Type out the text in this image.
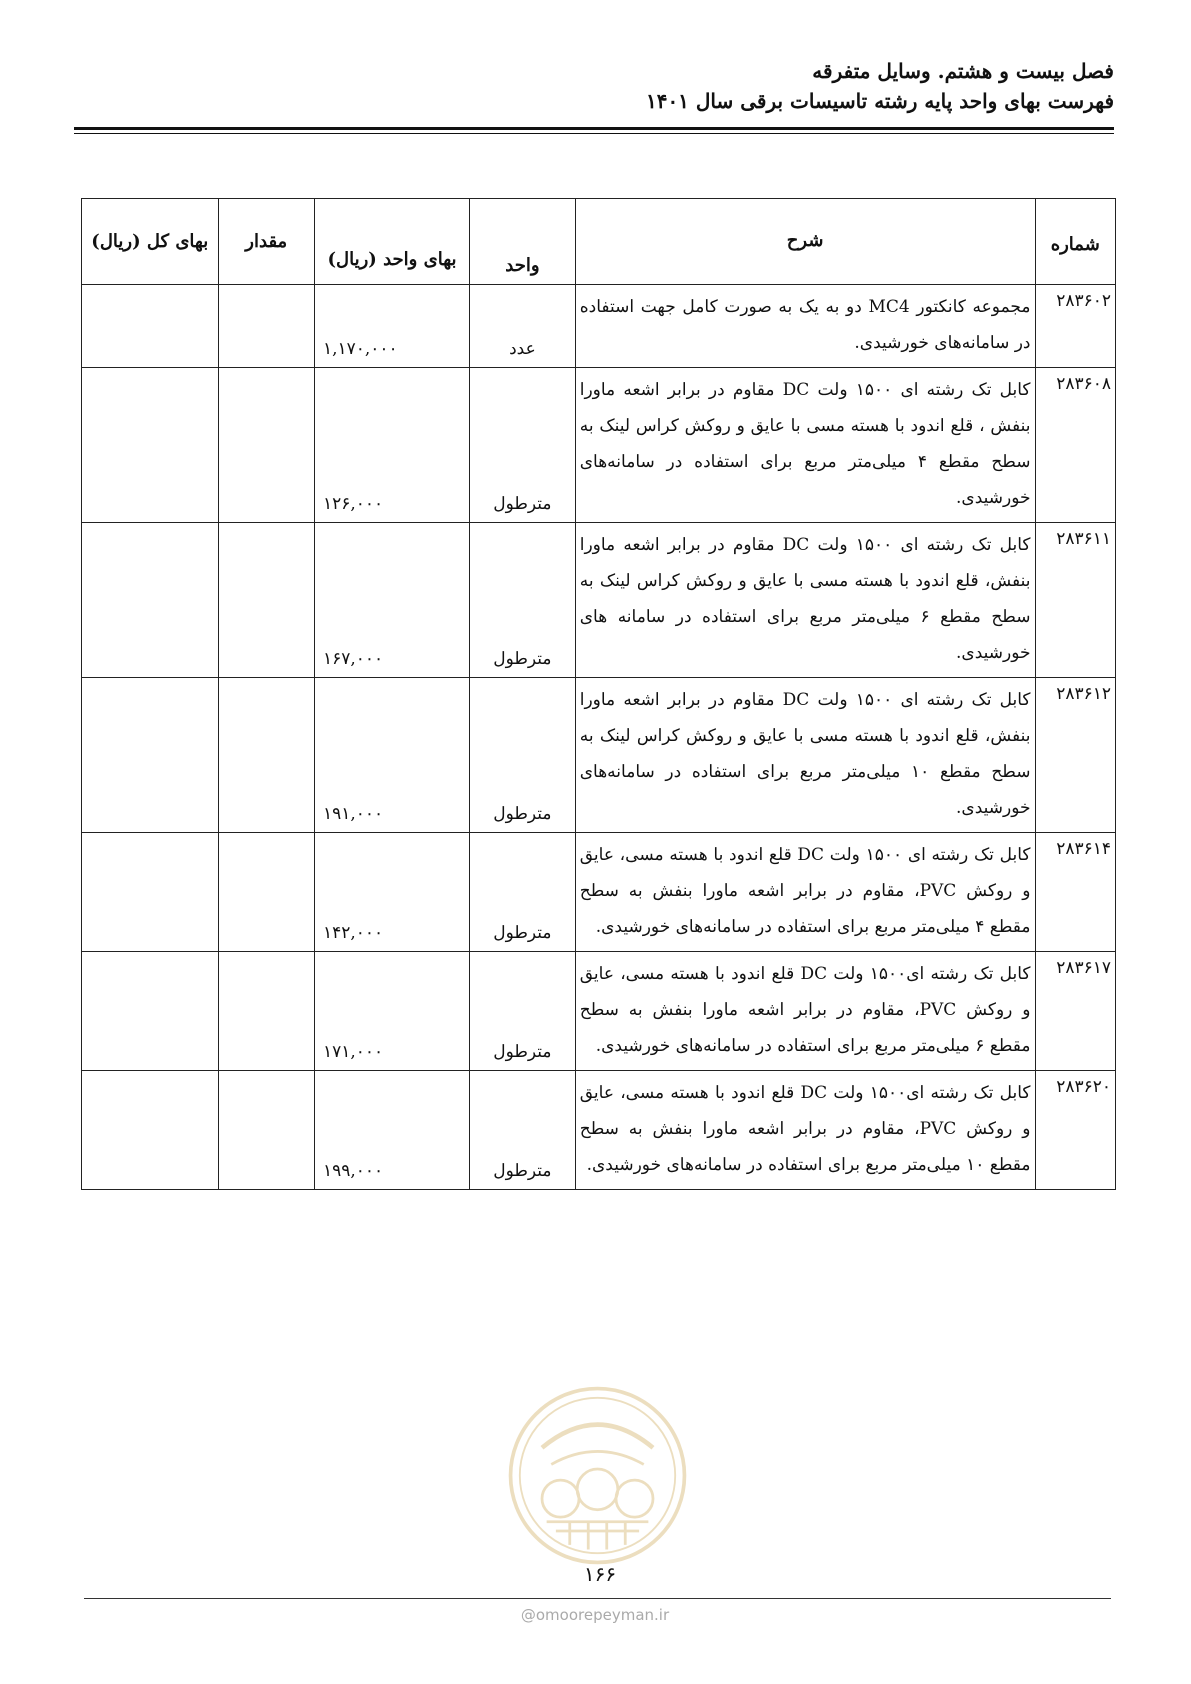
فصل بیست و هشتم. وسایل متفرقه
فهرست بهای واحد پایه رشته تاسیسات برقی سال ۱۴۰۱
شماره	شرح	واحد	بهای واحد (ریال)	مقدار	بهای کل (ریال)
۲۸۳۶۰۲	مجموعه کانکتور MC4 دو به یک به صورت کامل جهت استفاده در سامانه‌های خورشیدی.	عدد	۱,۱۷۰,۰۰۰		
۲۸۳۶۰۸	کابل تک رشته ای ۱۵۰۰ ولت DC مقاوم در برابر اشعه ماورا بنفش ، قلع اندود با هسته مسی با عایق و روکش کراس لینک به سطح مقطع ۴ میلی‌متر مربع برای استفاده در سامانه‌های خورشیدی.	مترطول	۱۲۶,۰۰۰		
۲۸۳۶۱۱	کابل تک رشته ای ۱۵۰۰ ولت DC مقاوم در برابر اشعه ماورا بنفش، قلع اندود با هسته مسی با عایق و روکش کراس لینک به سطح مقطع ۶ میلی‌متر مربع برای استفاده در سامانه های خورشیدی.	مترطول	۱۶۷,۰۰۰		
۲۸۳۶۱۲	کابل تک رشته ای ۱۵۰۰ ولت DC مقاوم در برابر اشعه ماورا بنفش، قلع اندود با هسته مسی با عایق و روکش کراس لینک به سطح مقطع ۱۰ میلی‌متر مربع برای استفاده در سامانه‌های خورشیدی.	مترطول	۱۹۱,۰۰۰		
۲۸۳۶۱۴	کابل تک رشته ای ۱۵۰۰ ولت DC قلع اندود با هسته مسی، عایق و روکش PVC، مقاوم در برابر اشعه ماورا بنفش به سطح مقطع ۴ میلی‌متر مربع برای استفاده در سامانه‌های خورشیدی.	مترطول	۱۴۲,۰۰۰		
۲۸۳۶۱۷	کابل تک رشته ای۱۵۰۰ ولت DC قلع اندود با هسته مسی، عایق و روکش PVC، مقاوم در برابر اشعه ماورا بنفش به سطح مقطع ۶ میلی‌متر مربع برای استفاده در سامانه‌های خورشیدی.	مترطول	۱۷۱,۰۰۰		
۲۸۳۶۲۰	کابل تک رشته ای۱۵۰۰ ولت DC قلع اندود با هسته مسی، عایق و روکش PVC، مقاوم در برابر اشعه ماورا بنفش به سطح مقطع ۱۰ میلی‌متر مربع برای استفاده در سامانه‌های خورشیدی.	مترطول	۱۹۹,۰۰۰		
۱۶۶
@omoorepeyman.ir
